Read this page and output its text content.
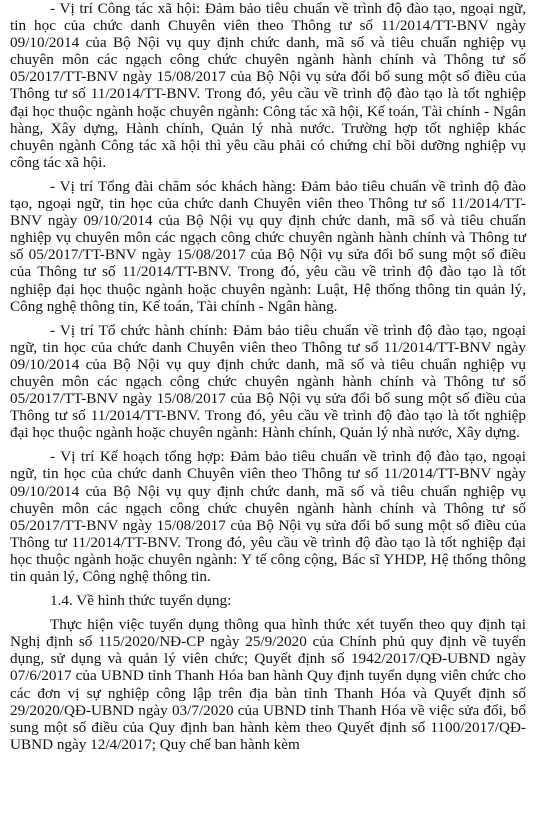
- Vị trí Công tác xã hội: Đảm bảo tiêu chuẩn về trình độ đào tạo, ngoại ngữ, tin học của chức danh Chuyên viên theo Thông tư số 11/2014/TT-BNV ngày 09/10/2014 của Bộ Nội vụ quy định chức danh, mã số và tiêu chuẩn nghiệp vụ chuyên môn các ngạch công chức chuyên ngành hành chính và Thông tư số 05/2017/TT-BNV ngày 15/08/2017 của Bộ Nội vụ sửa đổi bổ sung một số điều của Thông tư số 11/2014/TT-BNV. Trong đó, yêu cầu về trình độ đào tạo là tốt nghiệp đại học thuộc ngành hoặc chuyên ngành: Công tác xã hội, Kế toán, Tài chính - Ngân hàng, Xây dựng, Hành chính, Quản lý nhà nước. Trường hợp tốt nghiệp khác chuyên ngành Công tác xã hội thì yêu cầu phải có chứng chỉ bồi dưỡng nghiệp vụ công tác xã hội.

- Vị trí Tổng đài chăm sóc khách hàng: Đảm bảo tiêu chuẩn về trình độ đào tạo, ngoại ngữ, tin học của chức danh Chuyên viên theo Thông tư số 11/2014/TT-BNV ngày 09/10/2014 của Bộ Nội vụ quy định chức danh, mã số và tiêu chuẩn nghiệp vụ chuyên môn các ngạch công chức chuyên ngành hành chính và Thông tư số 05/2017/TT-BNV ngày 15/08/2017 của Bộ Nội vụ sửa đổi bổ sung một số điều của Thông tư số 11/2014/TT-BNV. Trong đó, yêu cầu về trình độ đào tạo là tốt nghiệp đại học thuộc ngành hoặc chuyên ngành: Luật, Hệ thống thông tin quản lý, Công nghệ thông tin, Kế toán, Tài chính - Ngân hàng.

- Vị trí Tổ chức hành chính: Đảm bảo tiêu chuẩn về trình độ đào tạo, ngoại ngữ, tin học của chức danh Chuyên viên theo Thông tư số 11/2014/TT-BNV ngày 09/10/2014 của Bộ Nội vụ quy định chức danh, mã số và tiêu chuẩn nghiệp vụ chuyên môn các ngạch công chức chuyên ngành hành chính và Thông tư số 05/2017/TT-BNV ngày 15/08/2017 của Bộ Nội vụ sửa đổi bổ sung một số điều của Thông tư số 11/2014/TT-BNV. Trong đó, yêu cầu về trình độ đào tạo là tốt nghiệp đại học thuộc ngành hoặc chuyên ngành: Hành chính, Quản lý nhà nước, Xây dựng.

- Vị trí Kế hoạch tổng hợp: Đảm bảo tiêu chuẩn về trình độ đào tạo, ngoại ngữ, tin học của chức danh Chuyên viên theo Thông tư số 11/2014/TT-BNV ngày 09/10/2014 của Bộ Nội vụ quy định chức danh, mã số và tiêu chuẩn nghiệp vụ chuyên môn các ngạch công chức chuyên ngành hành chính và Thông tư số 05/2017/TT-BNV ngày 15/08/2017 của Bộ Nội vụ sửa đổi bổ sung một số điều của Thông tư 11/2014/TT-BNV. Trong đó, yêu cầu về trình độ đào tạo là tốt nghiệp đại học thuộc ngành hoặc chuyên ngành: Y tế công cộng, Bác sĩ YHDP, Hệ thống thông tin quản lý, Công nghệ thông tin.

1.4. Về hình thức tuyển dụng:

Thực hiện việc tuyển dụng thông qua hình thức xét tuyển theo quy định tại Nghị định số 115/2020/NĐ-CP ngày 25/9/2020 của Chính phủ quy định về tuyển dụng, sử dụng và quản lý viên chức; Quyết định số 1942/2017/QĐ-UBND ngày 07/6/2017 của UBND tỉnh Thanh Hóa ban hành Quy định tuyển dụng viên chức cho các đơn vị sự nghiệp công lập trên địa bàn tỉnh Thanh Hóa và Quyết định số 29/2020/QĐ-UBND ngày 03/7/2020 của UBND tỉnh Thanh Hóa về việc sửa đổi, bổ sung một số điều của Quy định ban hành kèm theo Quyết định số 1100/2017/QĐ-UBND ngày 12/4/2017; Quy chế ban hành kèm
